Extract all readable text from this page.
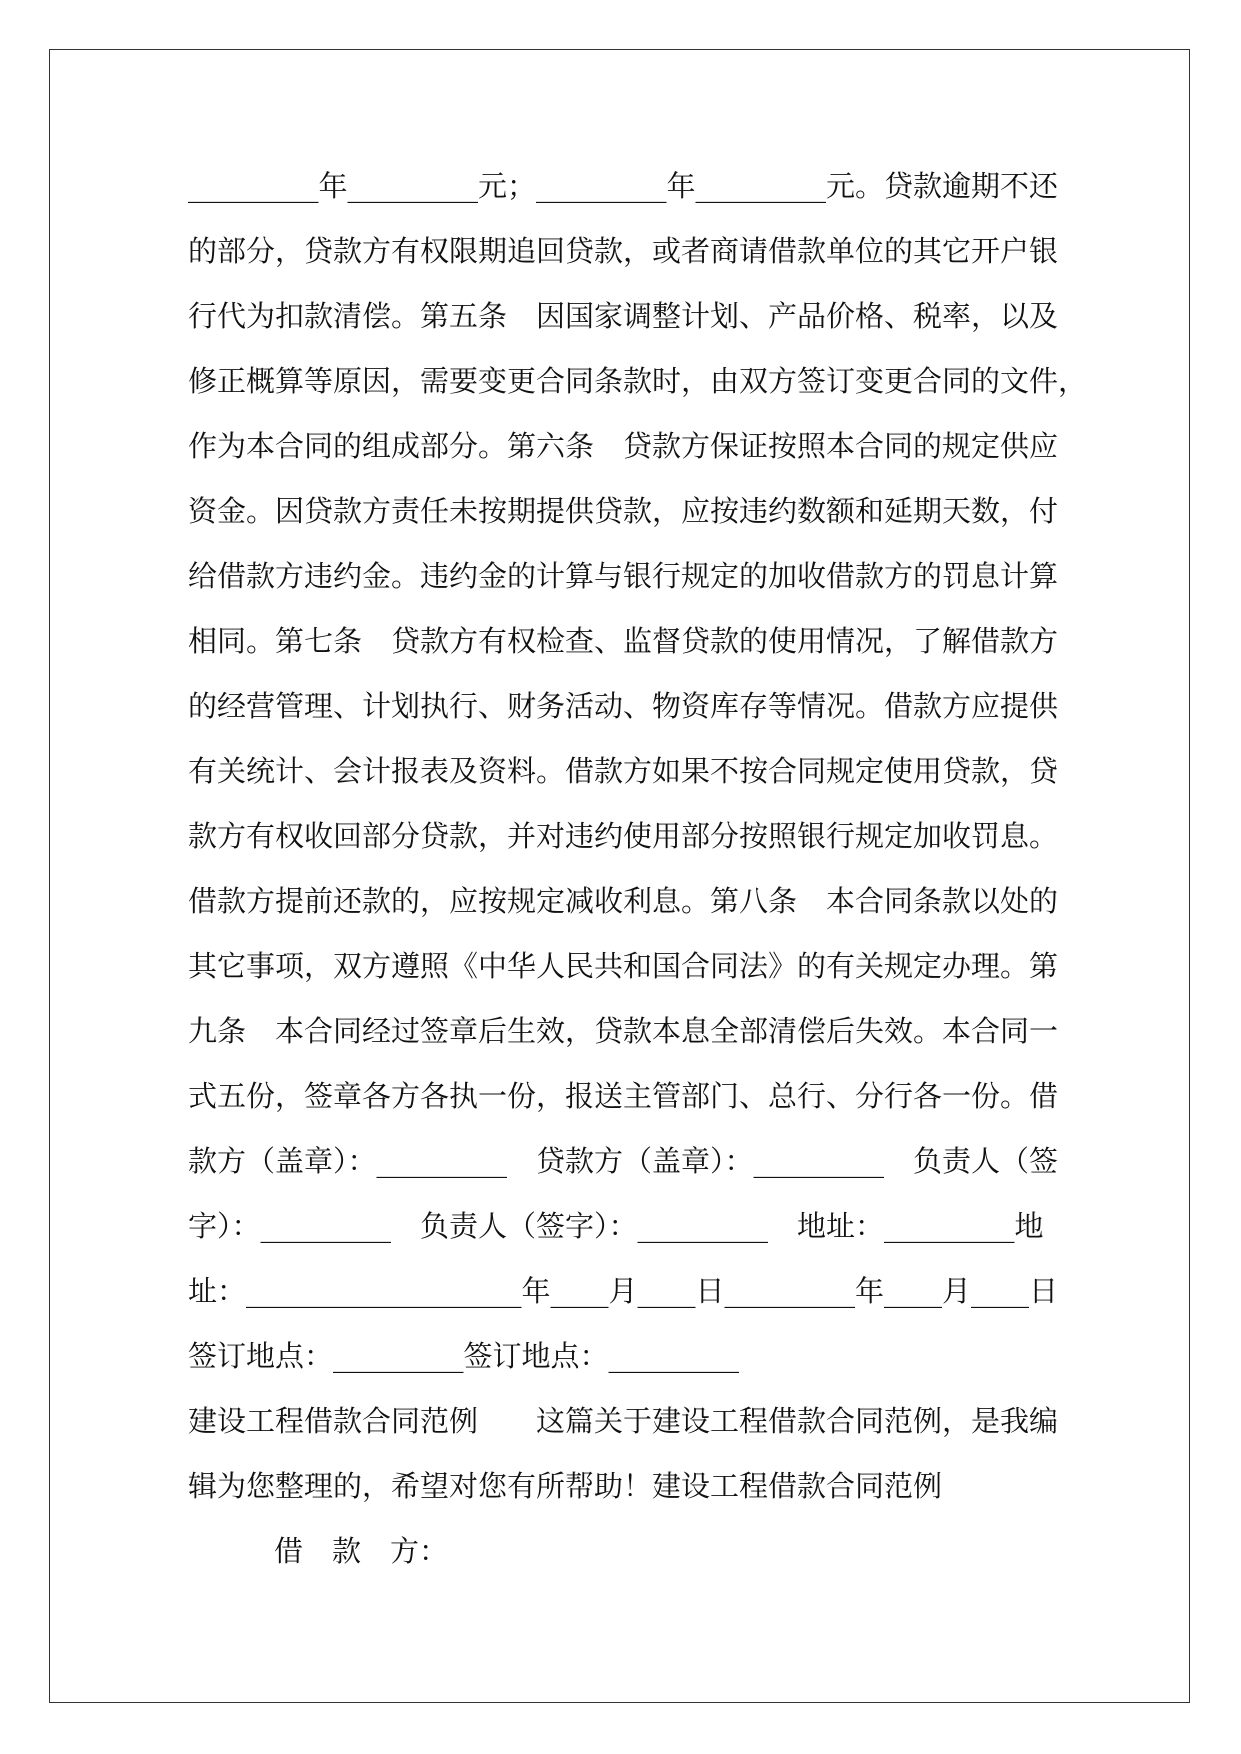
_________年_________元；_________年_________元。贷款逾期不还
的部分，贷款方有权限期追回贷款，或者商请借款单位的其它开户银
行代为扣款清偿。第五条　因国家调整计划、产品价格、税率，以及
修正概算等原因，需要变更合同条款时，由双方签订变更合同的文件，
作为本合同的组成部分。第六条　贷款方保证按照本合同的规定供应
资金。因贷款方责任未按期提供贷款，应按违约数额和延期天数，付
给借款方违约金。违约金的计算与银行规定的加收借款方的罚息计算
相同。第七条　贷款方有权检查、监督贷款的使用情况，了解借款方
的经营管理、计划执行、财务活动、物资库存等情况。借款方应提供
有关统计、会计报表及资料。借款方如果不按合同规定使用贷款，贷
款方有权收回部分贷款，并对违约使用部分按照银行规定加收罚息。
借款方提前还款的，应按规定减收利息。第八条　本合同条款以处的
其它事项，双方遵照《中华人民共和国合同法》的有关规定办理。第
九条　本合同经过签章后生效，贷款本息全部清偿后失效。本合同一
式五份，签章各方各执一份，报送主管部门、总行、分行各一份。借
款方（盖章）：_________　贷款方（盖章）：_________　负责人（签
字）：_________　负责人（签字）：_________　地址：_________地
址：___________________年____月____日_________年____月____日
签订地点：_________签订地点：_________
建设工程借款合同范例　　这篇关于建设工程借款合同范例，是我编
辑为您整理的，希望对您有所帮助！建设工程借款合同范例
借　款　方：
